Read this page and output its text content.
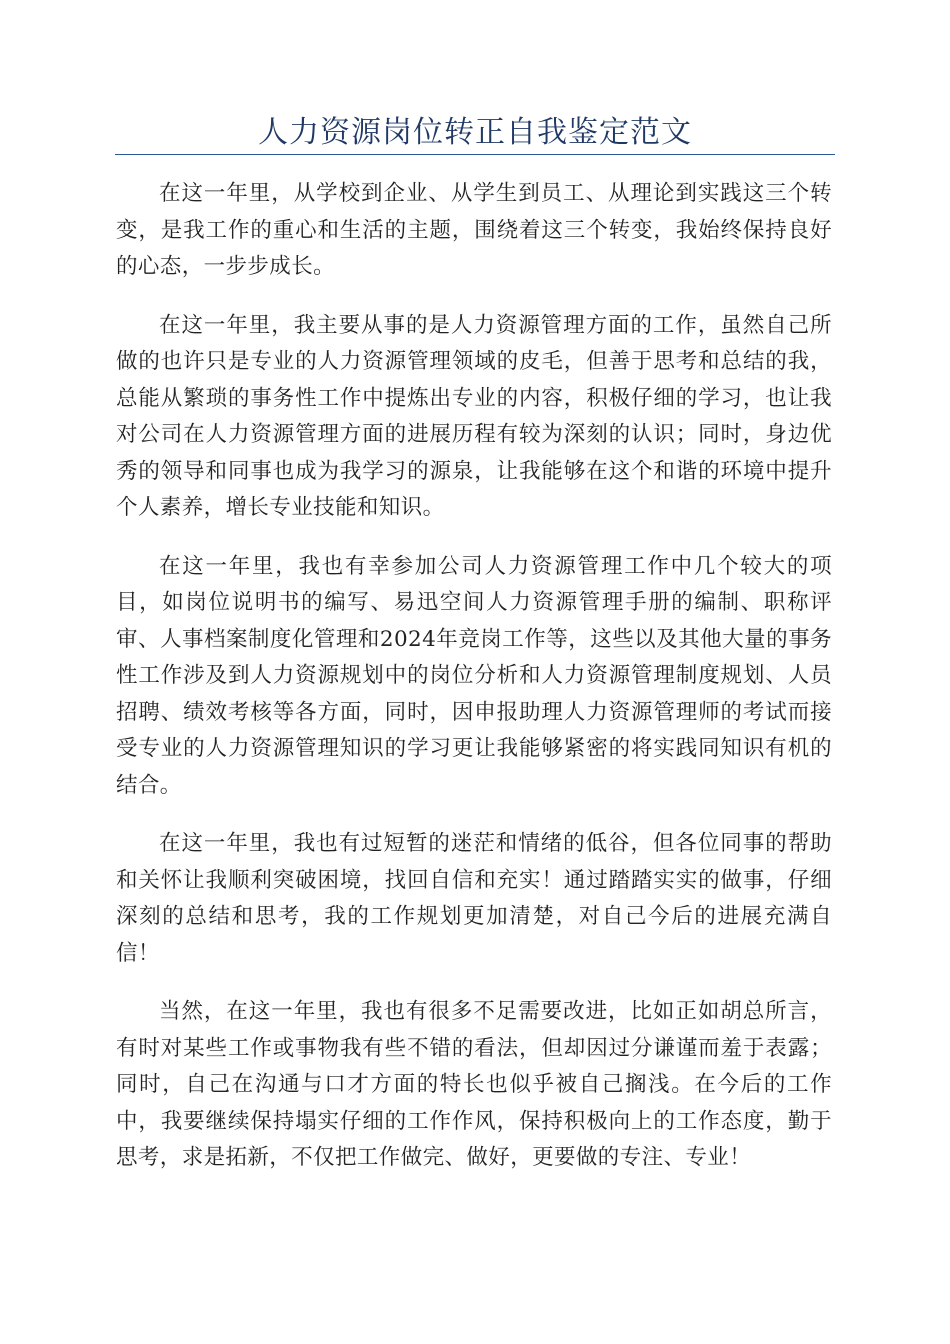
人力资源岗位转正自我鉴定范文

在这一年里，从学校到企业、从学生到员工、从理论到实践这三个转变，是我工作的重心和生活的主题，围绕着这三个转变，我始终保持良好的心态，一步步成长。

在这一年里，我主要从事的是人力资源管理方面的工作，虽然自己所做的也许只是专业的人力资源管理领域的皮毛，但善于思考和总结的我，总能从繁琐的事务性工作中提炼出专业的内容，积极仔细的学习，也让我对公司在人力资源管理方面的进展历程有较为深刻的认识；同时，身边优秀的领导和同事也成为我学习的源泉，让我能够在这个和谐的环境中提升个人素养，增长专业技能和知识。

在这一年里，我也有幸参加公司人力资源管理工作中几个较大的项目，如岗位说明书的编写、易迅空间人力资源管理手册的编制、职称评审、人事档案制度化管理和2024年竞岗工作等，这些以及其他大量的事务性工作涉及到人力资源规划中的岗位分析和人力资源管理制度规划、人员招聘、绩效考核等各方面，同时，因申报助理人力资源管理师的考试而接受专业的人力资源管理知识的学习更让我能够紧密的将实践同知识有机的结合。

在这一年里，我也有过短暂的迷茫和情绪的低谷，但各位同事的帮助和关怀让我顺利突破困境，找回自信和充实！通过踏踏实实的做事，仔细深刻的总结和思考，我的工作规划更加清楚，对自己今后的进展充满自信！

当然，在这一年里，我也有很多不足需要改进，比如正如胡总所言，有时对某些工作或事物我有些不错的看法，但却因过分谦谨而羞于表露；同时，自己在沟通与口才方面的特长也似乎被自己搁浅。在今后的工作中，我要继续保持塌实仔细的工作作风，保持积极向上的工作态度，勤于思考，求是拓新，不仅把工作做完、做好，更要做的专注、专业！
